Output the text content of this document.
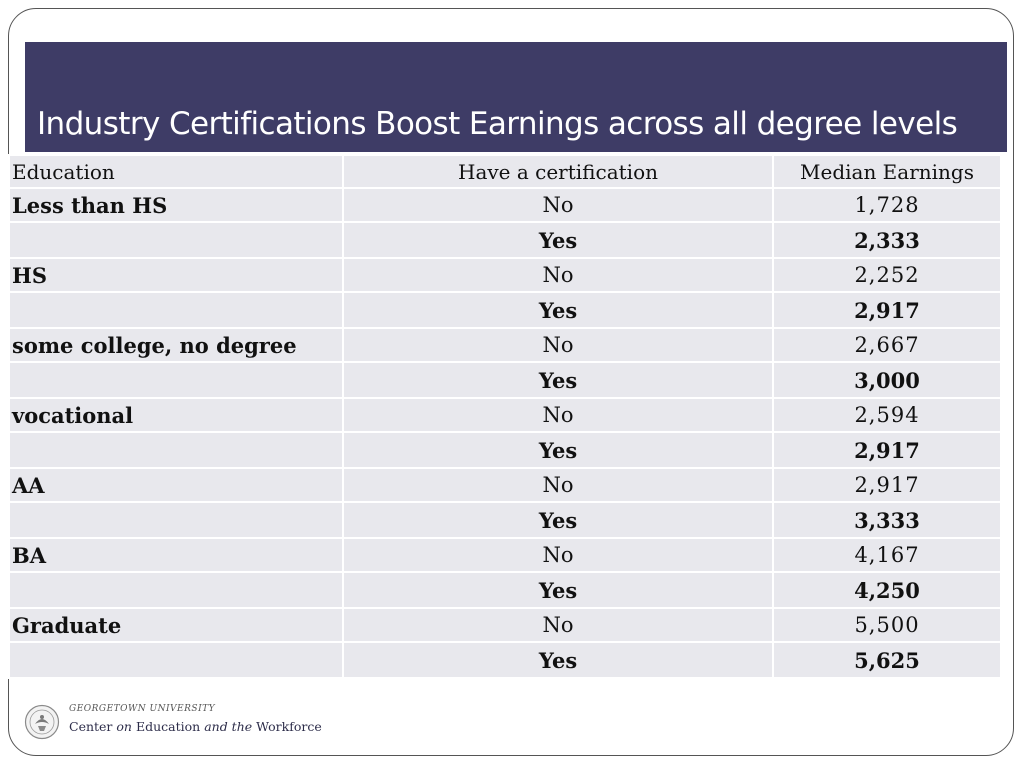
Industry Certifications Boost Earnings across all degree levels
Education	Have a certification	Median Earnings
Less than HS	No	1,728
	Yes	2,333
HS	No	2,252
	Yes	2,917
some college, no degree	No	2,667
	Yes	3,000
vocational	No	2,594
	Yes	2,917
AA	No	2,917
	Yes	3,333
BA	No	4,167
	Yes	4,250
Graduate	No	5,500
	Yes	5,625
GEORGETOWN UNIVERSITY
Center on Education and the Workforce
